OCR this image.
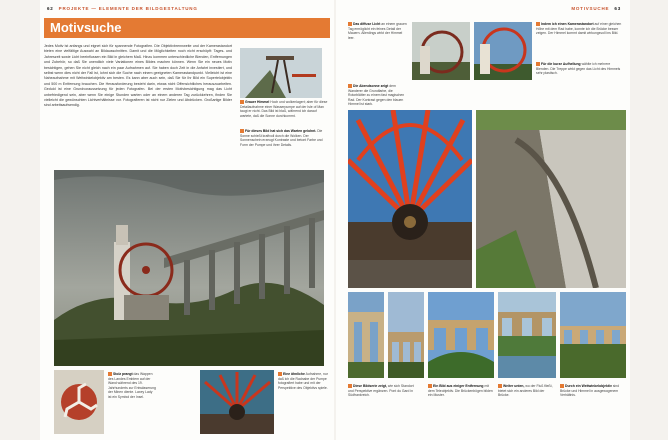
62 PROJEKTE — ELEMENTE DER BILDGESTALTUNG
Motivsuche
Jedes Motiv ist anfangs und eignet sich für spannende Fotografien. Die Objektivbrennweite und der Kamerastandort bieten eine vielfältige Auswahl an Bildausschnitten. Damit und die Möglichkeiten noch nicht erschöpft: Tages- und Jahreszeit sowie Licht beeinflussen ein Bild in gleichem Maß. Hinzu kommen unterschiedliche Blenden, Entfernungen und Zubehör, so daß Sie unendlich viele Variationen eines Bildes machen können. Wenn Sie ein neues Motiv besichtigen, gehen Sie nicht gleich nach ein paar Aufnahmen auf. Sie haben doch Zeit in die Anfahrt investiert, und selbst wenn dies nicht der Fall ist, lohnt sich die Suche nach einem geeigneten Kamerastandpunkt. Vielleicht ist eine Naheaufnahme mit Weitwinkelobjektiv am besten. Es kann aber auch sein, daß Sie für Ihr Bild ein Supertelobjektiv und 500 m Entfernung brauchen. Die Herausforderung besteht darin, etwas nicht Offensichtliches herauszuarbeiten. Geduld ist eine Grundvoraussetzung für jeden Fotografen. Bei der ersten Motivbesichtigung mag das Licht unbefriedigend sein, aber wenn Sie einige Stunden warten oder an einem anderen Tag zurückkehren, finden Sie vielleicht die gewünschten Lichtverhältnisse vor. Fotografieren ist nicht nur Zielen und Abdrücken. Großartige Bilder sind arbeitsaufwendig.
Grauer Himmel Hoch und wolkenlagert; aber für diese Detailaufnahme einer Wasserpumpe auf der Isle of Man taugt er nicht. Das Bild ist blaß, während ich darauf wartete, daß die Sonne durchkommt.
Für dieses Bild hat sich das Warten gelohnt. Die Sonne schießt kraftvoll durch die Wolken. Der Sonnenschein erzeugt Kontraste und betont Farbe und Form der Pumpe und ihrer Details.
Stolz prangt das Wappen des Landes Emblem auf der Wand während des 19. Jahrhunderts zur Entwässerung der Minen diente. Laxey Lady ist ein Symbol der Insel.
Eine ähnliche Aufnahme, nur daß ich die Radnabe der Pumpe fotografiert habe und mit der Perspektive des Objektivs spiele.
MOTIVSUCHE 63
Das diffuse Licht an einem grauen Tag ermöglicht ein feines Detail der Mauern. Allerdings wirkt der Himmel leer.
Indem ich einen Kamerastandort auf einer gleichen Höhe mit dem Rad habe, konnte ich die Brücke besser zeigen. Der Himmel kommt damit wirkungsvoll ins Bild.
Die Abendsonne zeigt dem Wanderer die Grundfarbe, die Rotorblätter zu einem fast magischen Rad. Der Kontrast gegen den blauen Himmel ist stark.
Für die kurze Aufhellung wählte ich mehrere Blenden. Die Treppe wirkt gegen das Licht des Himmels sehr plastisch.
Diese Bildserie zeigt, wie sich Standort und Perspektive ergänzen. Pont du Gard in Südfrankreich.
Ein Bild aus einiger Entfernung mit dem Teleobjektiv. Die Brückenbögen bilden ein Muster.
Weiter unten, wo der Fluß fließt, bietet sich ein anderes Bild der Brücke.
Durch ein Weitwinkelobjektiv sind Brücke und Himmel in ausgewogenem Verhältnis.
